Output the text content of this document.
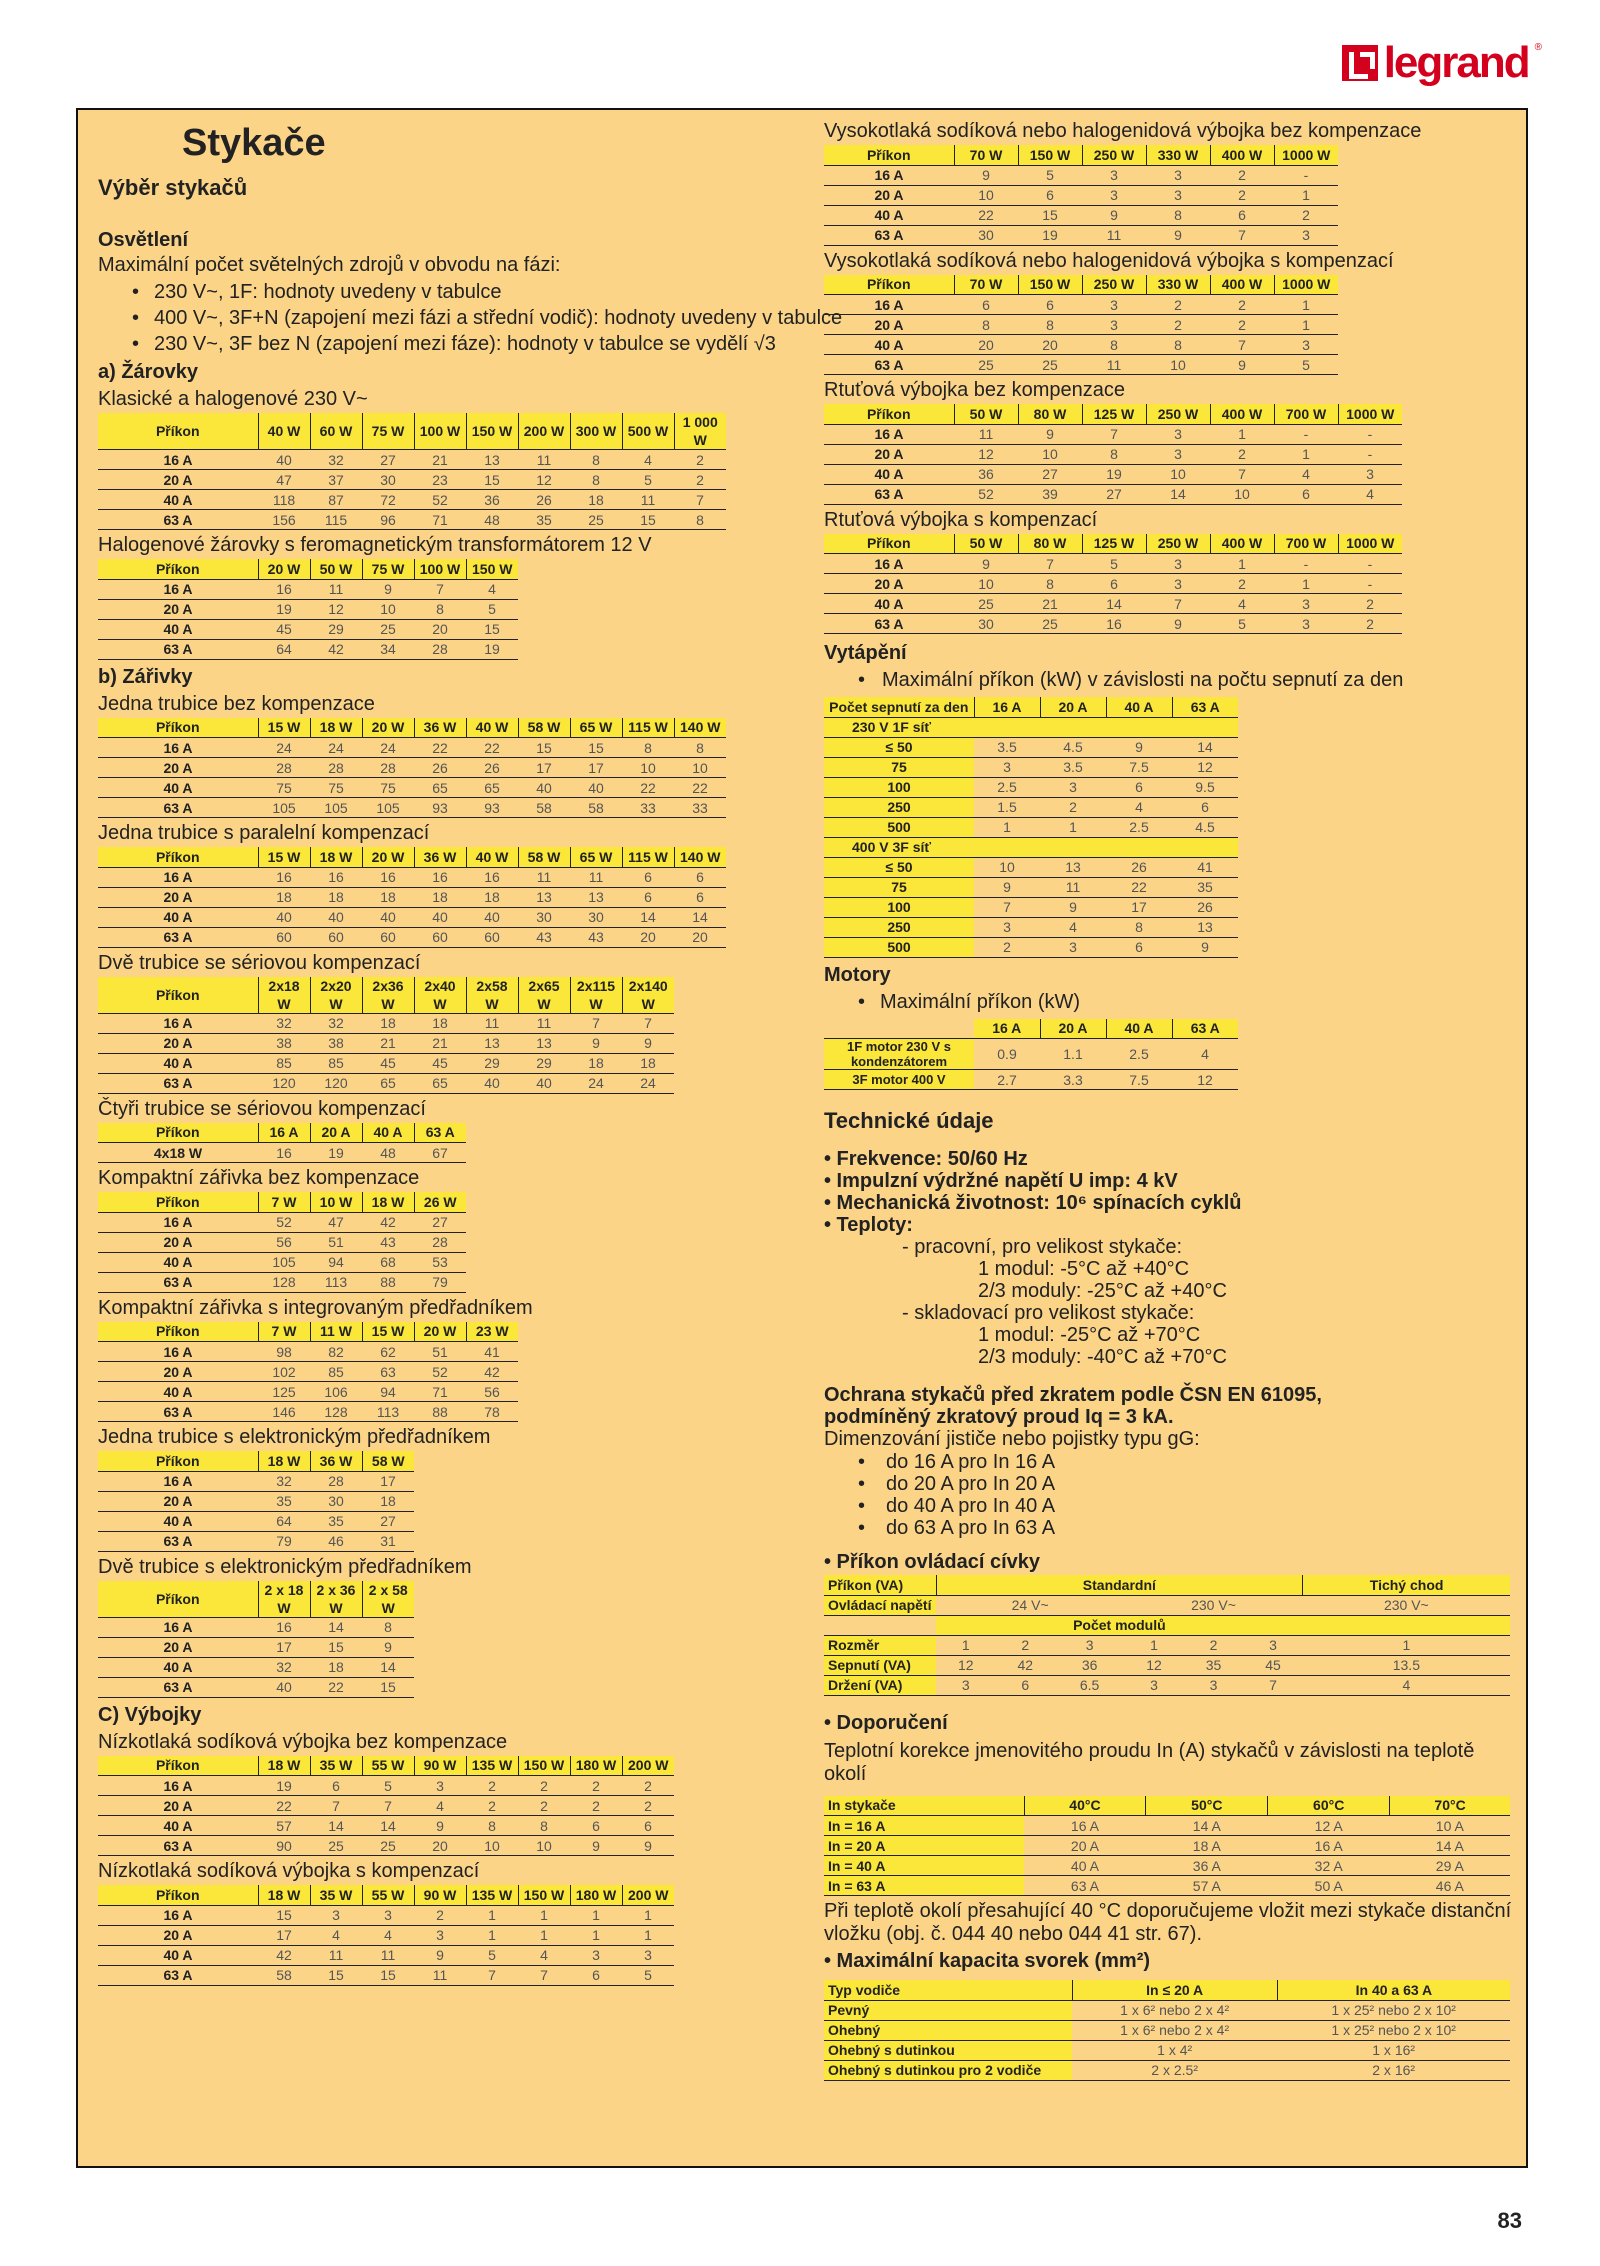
legrand ®
Stykače
Výběr stykačů
Osvětlení
Maximální počet světelných zdrojů v obvodu na fázi:
• 230 V~, 1F: hodnoty uvedeny v tabulce
• 400 V~, 3F+N (zapojení mezi fázi a střední vodič): hodnoty uvedeny v tabulce
• 230 V~, 3F bez N (zapojení mezi fáze): hodnoty v tabulce se vydělí √3
a) Žárovky
Klasické a halogenové 230 V~
Příkon	40 W	60 W	75 W	100 W	150 W	200 W	300 W	500 W	1 000 W
16 A	40	32	27	21	13	11	8	4	2
20 A	47	37	30	23	15	12	8	5	2
40 A	118	87	72	52	36	26	18	11	7
63 A	156	115	96	71	48	35	25	15	8
Halogenové žárovky s feromagnetickým transformátorem 12 V
Příkon	20 W	50 W	75 W	100 W	150 W
16 A	16	11	9	7	4
20 A	19	12	10	8	5
40 A	45	29	25	20	15
63 A	64	42	34	28	19
b) Zářivky
Jedna trubice bez kompenzace
Příkon	15 W	18 W	20 W	36 W	40 W	58 W	65 W	115 W	140 W
16 A	24	24	24	22	22	15	15	8	8
20 A	28	28	28	26	26	17	17	10	10
40 A	75	75	75	65	65	40	40	22	22
63 A	105	105	105	93	93	58	58	33	33
Jedna trubice s paralelní kompenzací
Příkon	15 W	18 W	20 W	36 W	40 W	58 W	65 W	115 W	140 W
16 A	16	16	16	16	16	11	11	6	6
20 A	18	18	18	18	18	13	13	6	6
40 A	40	40	40	40	40	30	30	14	14
63 A	60	60	60	60	60	43	43	20	20
Dvě trubice se sériovou kompenzací
Příkon	2x18 W	2x20 W	2x36 W	2x40 W	2x58 W	2x65 W	2x115 W	2x140 W
16 A	32	32	18	18	11	11	7	7
20 A	38	38	21	21	13	13	9	9
40 A	85	85	45	45	29	29	18	18
63 A	120	120	65	65	40	40	24	24
Čtyři trubice se sériovou kompenzací
Příkon	16 A	20 A	40 A	63 A
4x18 W	16	19	48	67
Kompaktní zářivka bez kompenzace
Příkon	7 W	10 W	18 W	26 W
16 A	52	47	42	27
20 A	56	51	43	28
40 A	105	94	68	53
63 A	128	113	88	79
Kompaktní zářivka s integrovaným předřadníkem
Příkon	7 W	11 W	15 W	20 W	23 W
16 A	98	82	62	51	41
20 A	102	85	63	52	42
40 A	125	106	94	71	56
63 A	146	128	113	88	78
Jedna trubice s elektronickým předřadníkem
Příkon	18 W	36 W	58 W
16 A	32	28	17
20 A	35	30	18
40 A	64	35	27
63 A	79	46	31
Dvě trubice s elektronickým předřadníkem
Příkon	2 x 18 W	2 x 36 W	2 x 58 W
16 A	16	14	8
20 A	17	15	9
40 A	32	18	14
63 A	40	22	15
C) Výbojky
Nízkotlaká sodíková výbojka bez kompenzace
Příkon	18 W	35 W	55 W	90 W	135 W	150 W	180 W	200 W
16 A	19	6	5	3	2	2	2	2
20 A	22	7	7	4	2	2	2	2
40 A	57	14	14	9	8	8	6	6
63 A	90	25	25	20	10	10	9	9
Nízkotlaká sodíková výbojka s kompenzací
Příkon	18 W	35 W	55 W	90 W	135 W	150 W	180 W	200 W
16 A	15	3	3	2	1	1	1	1
20 A	17	4	4	3	1	1	1	1
40 A	42	11	11	9	5	4	3	3
63 A	58	15	15	11	7	7	6	5
Vysokotlaká sodíková nebo halogenidová výbojka bez kompenzace
Příkon	70 W	150 W	250 W	330 W	400 W	1000 W
16 A	9	5	3	3	2	-
20 A	10	6	3	3	2	1
40 A	22	15	9	8	6	2
63 A	30	19	11	9	7	3
Vysokotlaká sodíková nebo halogenidová výbojka s kompenzací
Příkon	70 W	150 W	250 W	330 W	400 W	1000 W
16 A	6	6	3	2	2	1
20 A	8	8	3	2	2	1
40 A	20	20	8	8	7	3
63 A	25	25	11	10	9	5
Rtuťová výbojka bez kompenzace
Příkon	50 W	80 W	125 W	250 W	400 W	700 W	1000 W
16 A	11	9	7	3	1	-	-
20 A	12	10	8	3	2	1	-
40 A	36	27	19	10	7	4	3
63 A	52	39	27	14	10	6	4
Rtuťová výbojka s kompenzací
Příkon	50 W	80 W	125 W	250 W	400 W	700 W	1000 W
16 A	9	7	5	3	1	-	-
20 A	10	8	6	3	2	1	-
40 A	25	21	14	7	4	3	2
63 A	30	25	16	9	5	3	2
Vytápění
• Maximální příkon (kW) v závislosti na počtu sepnutí za den
Počet sepnutí za den	16 A	20 A	40 A	63 A
230 V 1F síť				
≤ 50	3.5	4.5	9	14
75	3	3.5	7.5	12
100	2.5	3	6	9.5
250	1.5	2	4	6
500	1	1	2.5	4.5
400 V 3F síť				
≤ 50	10	13	26	41
75	9	11	22	35
100	7	9	17	26
250	3	4	8	13
500	2	3	6	9
Motory
• Maximální příkon (kW)
	16 A	20 A	40 A	63 A
1F motor 230 V s kondenzátorem	0.9	1.1	2.5	4
3F motor 400 V	2.7	3.3	7.5	12
Technické údaje
• Frekvence: 50/60 Hz
• Impulzní výdržné napětí U imp: 4 kV
• Mechanická životnost: 10⁶ spínacích cyklů
• Teploty:
- pracovní, pro velikost stykače:
1 modul: -5°C až +40°C
2/3 moduly: -25°C až +40°C
- skladovací pro velikost stykače:
1 modul: -25°C až +70°C
2/3 moduly: -40°C až +70°C
Ochrana stykačů před zkratem podle ČSN EN 61095,
podmíněný zkratový proud Iq = 3 kA.
Dimenzování jističe nebo pojistky typu gG:
• do 16 A pro In 16 A
• do 20 A pro In 20 A
• do 40 A pro In 40 A
• do 63 A pro In 63 A
• Příkon ovládací cívky
Příkon (VA)	Standardní						Tichý chod
Ovládací napětí	24 V~			230 V~			230 V~
	Počet modulů						
Rozměr	1	2	3	1	2	3	1
Sepnutí (VA)	12	42	36	12	35	45	13.5
Držení (VA)	3	6	6.5	3	3	7	4
• Doporučení
Teplotní korekce jmenovitého proudu In (A) stykačů v závislosti na teplotě okolí
In stykače	40°C	50°C	60°C	70°C
In = 16 A	16 A	14 A	12 A	10 A
In = 20 A	20 A	18 A	16 A	14 A
In = 40 A	40 A	36 A	32 A	29 A
In = 63 A	63 A	57 A	50 A	46 A
Při teplotě okolí přesahující 40 °C doporučujeme vložit mezi stykače distanční vložku (obj. č. 044 40 nebo 044 41 str. 67).
• Maximální kapacita svorek (mm²)
Typ vodiče	In ≤ 20 A	In 40 a 63 A
Pevný	1 x 6² nebo 2 x 4²	1 x 25² nebo 2 x 10²
Ohebný	1 x 6² nebo 2 x 4²	1 x 25² nebo 2 x 10²
Ohebný s dutinkou	1 x 4²	1 x 16²
Ohebný s dutinkou pro 2 vodiče	2 x 2.5²	2 x 16²
83
